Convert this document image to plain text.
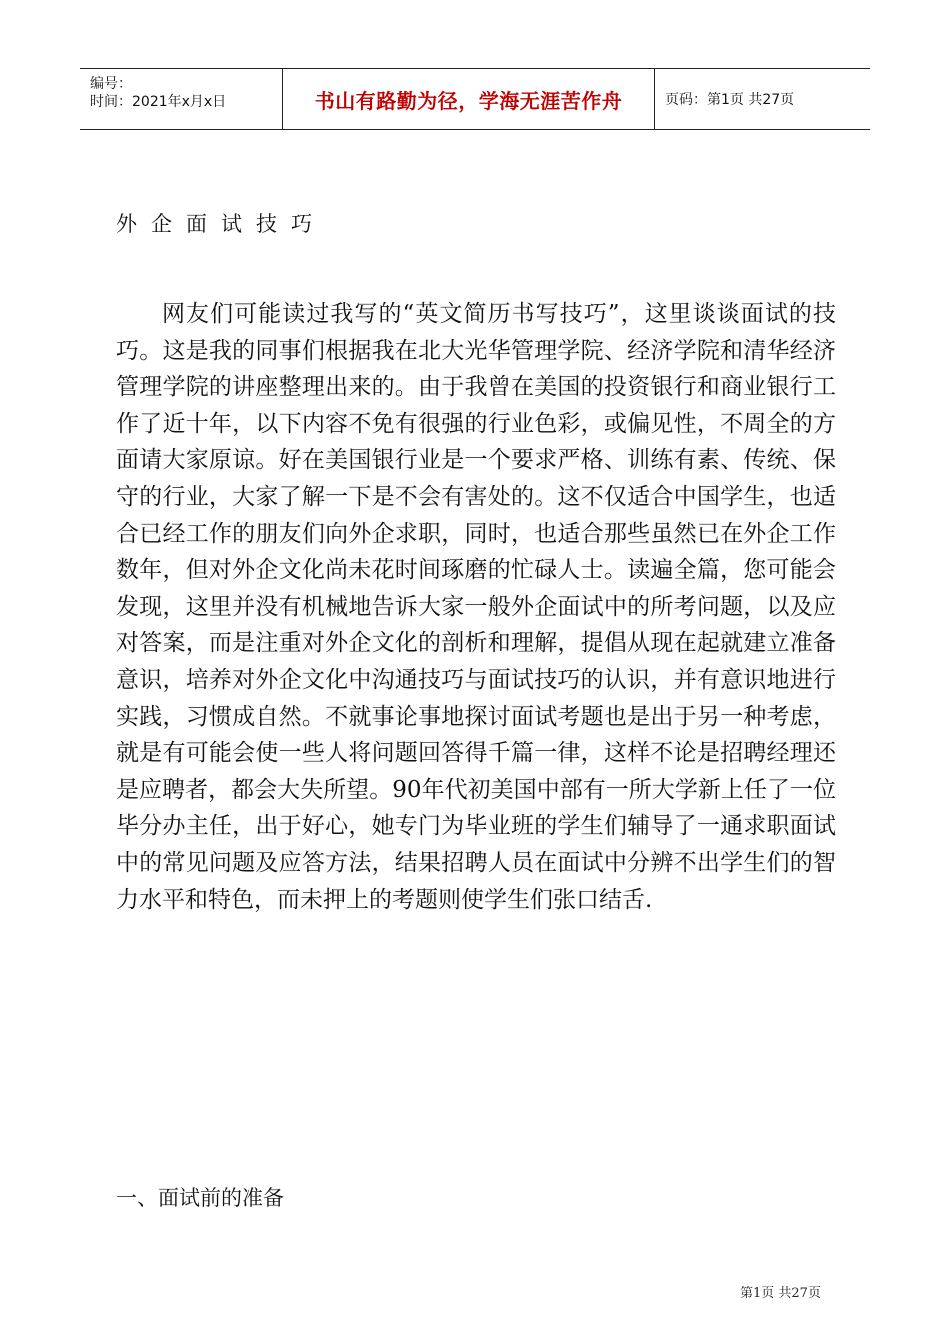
编号：
时间：2021年x月x日	书山有路勤为径，学海无涯苦作舟	页码：第1页 共27页
外企面试技巧

网友们可能读过我写的“英文简历书写技巧”，这里谈谈面试的技巧。这是我的同事们根据我在北大光华管理学院、经济学院和清华经济管理学院的讲座整理出来的。由于我曾在美国的投资银行和商业银行工作了近十年，以下内容不免有很强的行业色彩，或偏见性，不周全的方面请大家原谅。好在美国银行业是一个要求严格、训练有素、传统、保守的行业，大家了解一下是不会有害处的。这不仅适合中国学生，也适合已经工作的朋友们向外企求职，同时，也适合那些虽然已在外企工作数年，但对外企文化尚未花时间琢磨的忙碌人士。读遍全篇，您可能会发现，这里并没有机械地告诉大家一般外企面试中的所考问题，以及应对答案，而是注重对外企文化的剖析和理解，提倡从现在起就建立准备意识，培养对外企文化中沟通技巧与面试技巧的认识，并有意识地进行实践，习惯成自然。不就事论事地探讨面试考题也是出于另一种考虑，就是有可能会使一些人将问题回答得千篇一律，这样不论是招聘经理还是应聘者，都会大失所望。90年代初美国中部有一所大学新上任了一位毕分办主任，出于好心，她专门为毕业班的学生们辅导了一通求职面试中的常见问题及应答方法，结果招聘人员在面试中分辨不出学生们的智力水平和特色，而未押上的考题则使学生们张口结舌.

一、面试前的准备
第1页 共27页
